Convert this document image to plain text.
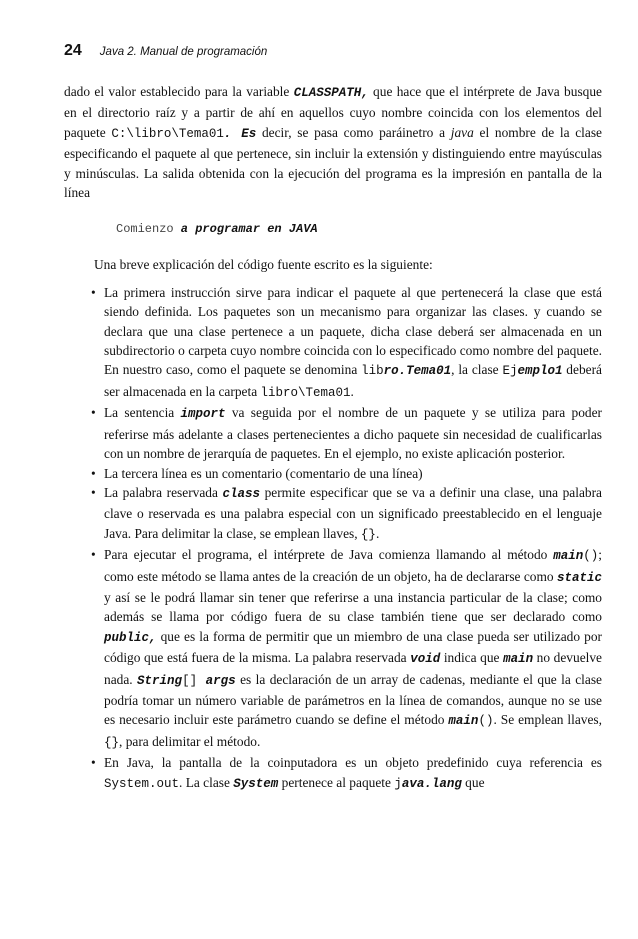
24 Java 2. Manual de programación

dado el valor establecido para la variable CLASSPATH, que hace que el intérprete de Java busque en el directorio raíz y a partir de ahí en aquellos cuyo nombre coincida con los elementos del paquete C:\libro\Tema01. Es decir, se pasa como paráinetro a java el nombre de la clase especificando el paquete al que pertenece, sin incluir la extensión y distinguiendo entre mayúsculas y minúsculas. La salida obtenida con la ejecución del programa es la impresión en pantalla de la línea

Comienzo a programar en JAVA

Una breve explicación del código fuente escrito es la siguiente:

• La primera instrucción sirve para indicar el paquete al que pertenecerá la clase que está siendo definida. Los paquetes son un mecanismo para organizar las clases. y cuando se declara que una clase pertenece a un paquete, dicha clase deberá ser almacenada en un subdirectorio o carpeta cuyo nombre coincida con lo especificado como nombre del paquete. En nuestro caso, como el paquete se denomina libro.Tema01, la clase Ejemplo1 deberá ser almacenada en la carpeta libro\Tema01.
• La sentencia import va seguida por el nombre de un paquete y se utiliza para poder referirse más adelante a clases pertenecientes a dicho paquete sin necesidad de cualificarlas con un nombre de jerarquía de paquetes. En el ejemplo, no existe aplicación posterior.
• La tercera línea es un comentario (comentario de una línea)
• La palabra reservada class permite especificar que se va a definir una clase, una palabra clave o reservada es una palabra especial con un significado preestablecido en el lenguaje Java. Para delimitar la clase, se emplean llaves, {}.
• Para ejecutar el programa, el intérprete de Java comienza llamando al método main(); como este método se llama antes de la creación de un objeto, ha de declararse como static y así se le podrá llamar sin tener que referirse a una instancia particular de la clase; como además se llama por código fuera de su clase también tiene que ser declarado como public, que es la forma de permitir que un miembro de una clase pueda ser utilizado por código que está fuera de la misma. La palabra reservada void indica que main no devuelve nada. String[] args es la declaración de un array de cadenas, mediante el que la clase podría tomar un número variable de parámetros en la línea de comandos, aunque no se use es necesario incluir este parámetro cuando se define el método main(). Se emplean llaves, {}, para delimitar el método.
• En Java, la pantalla de la coinputadora es un objeto predefinido cuya referencia es System.out. La clase System pertenece al paquete java.lang que
